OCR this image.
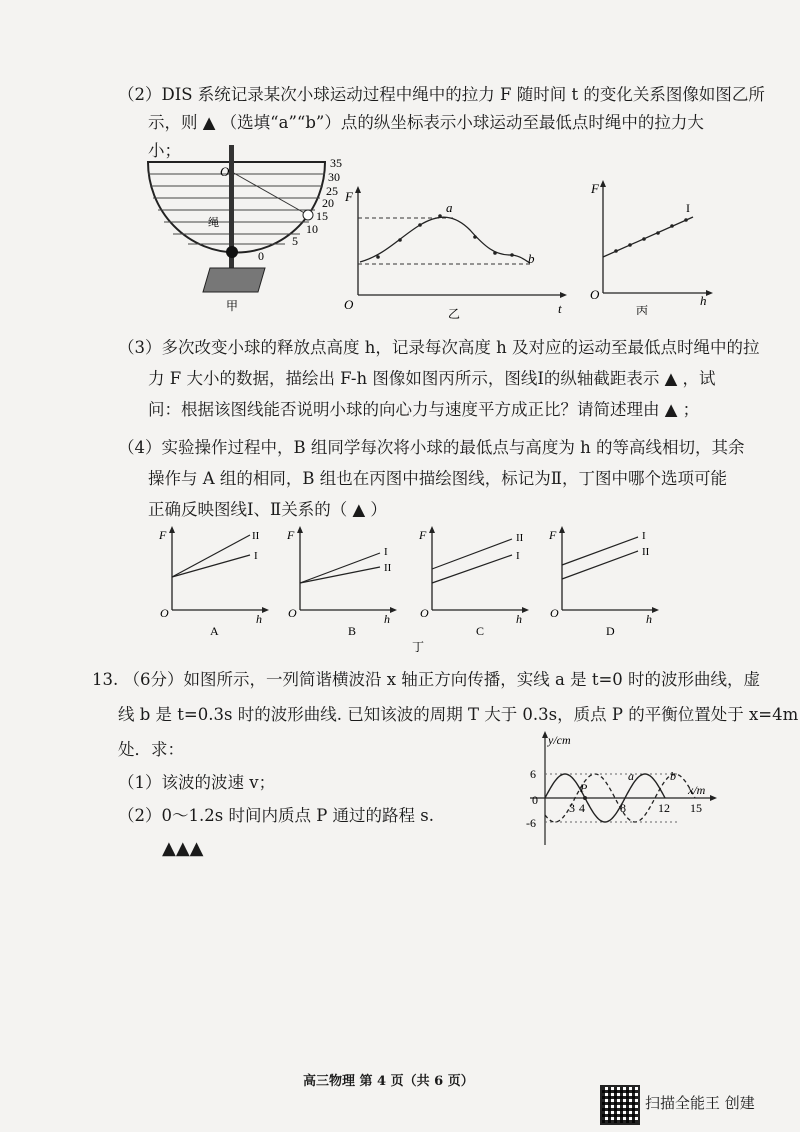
（2）DIS 系统记录某次小球运动过程中绳中的拉力 F 随时间 t 的变化关系图像如图乙所
示，则 ▲ （选填“a”“b”）点的纵坐标表示小球运动至最低点时绳中的拉力大
小；
O
绳
35
30
25
20
15
10
5
0
甲
F
t
O
a
b
乙
F
h
O
I
丙
（3）多次改变小球的释放点高度 h，记录每次高度 h 及对应的运动至最低点时绳中的拉
力 F 大小的数据，描绘出 F-h 图像如图丙所示，图线Ⅰ的纵轴截距表示 ▲ ，试
问：根据该图线能否说明小球的向心力与速度平方成正比？请简述理由 ▲ ；
（4）实验操作过程中，B 组同学每次将小球的最低点与高度为 h 的等高线相切，其余
操作与 A 组的相同，B 组也在丙图中描绘图线，标记为Ⅱ，丁图中哪个选项可能
正确反映图线Ⅰ、Ⅱ关系的（ ▲ ）
F
h
O
II
I
A
F
h
O
I
II
B
F
h
O
II
I
C
F
h
O
I
II
D
丁
13. （6分）如图所示，一列简谐横波沿 x 轴正方向传播，实线 a 是 t=0 时的波形曲线，虚
线 b 是 t=0.3s 时的波形曲线. 已知该波的周期 T 大于 0.3s，质点 P 的平衡位置处于 x=4m
处．求：
（1）该波的波速 v；
（2）0～1.2s 时间内质点 P 通过的路程 s.
▲▲▲
y/cm
x/m
0
6
-6
3 4	8	12 15
P
a	b
高三物理 第 4 页（共 6 页）
扫描全能王 创建
